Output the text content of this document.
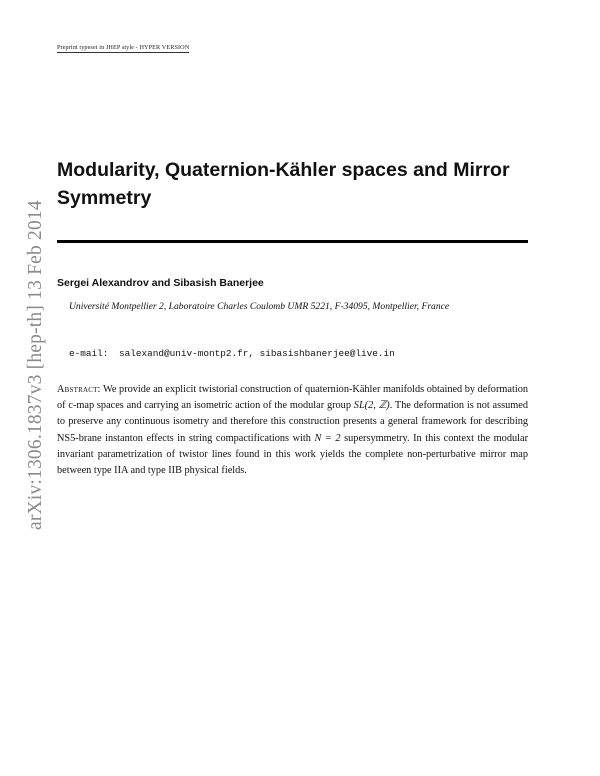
Preprint typeset in JHEP style - HYPER VERSION
arXiv:1306.1837v3 [hep-th] 13 Feb 2014
Modularity, Quaternion-Kähler spaces and Mirror Symmetry
Sergei Alexandrov and Sibasish Banerjee
Université Montpellier 2, Laboratoire Charles Coulomb UMR 5221, F-34095, Montpellier, France
e-mail: salexand@univ-montp2.fr, sibasishbanerjee@live.in
Abstract: We provide an explicit twistorial construction of quaternion-Kähler manifolds obtained by deformation of c-map spaces and carrying an isometric action of the modular group SL(2, ℤ). The deformation is not assumed to preserve any continuous isometry and therefore this construction presents a general framework for describing NS5-brane instanton effects in string compactifications with N = 2 supersymmetry. In this context the modular invariant parametrization of twistor lines found in this work yields the complete non-perturbative mirror map between type IIA and type IIB physical fields.
